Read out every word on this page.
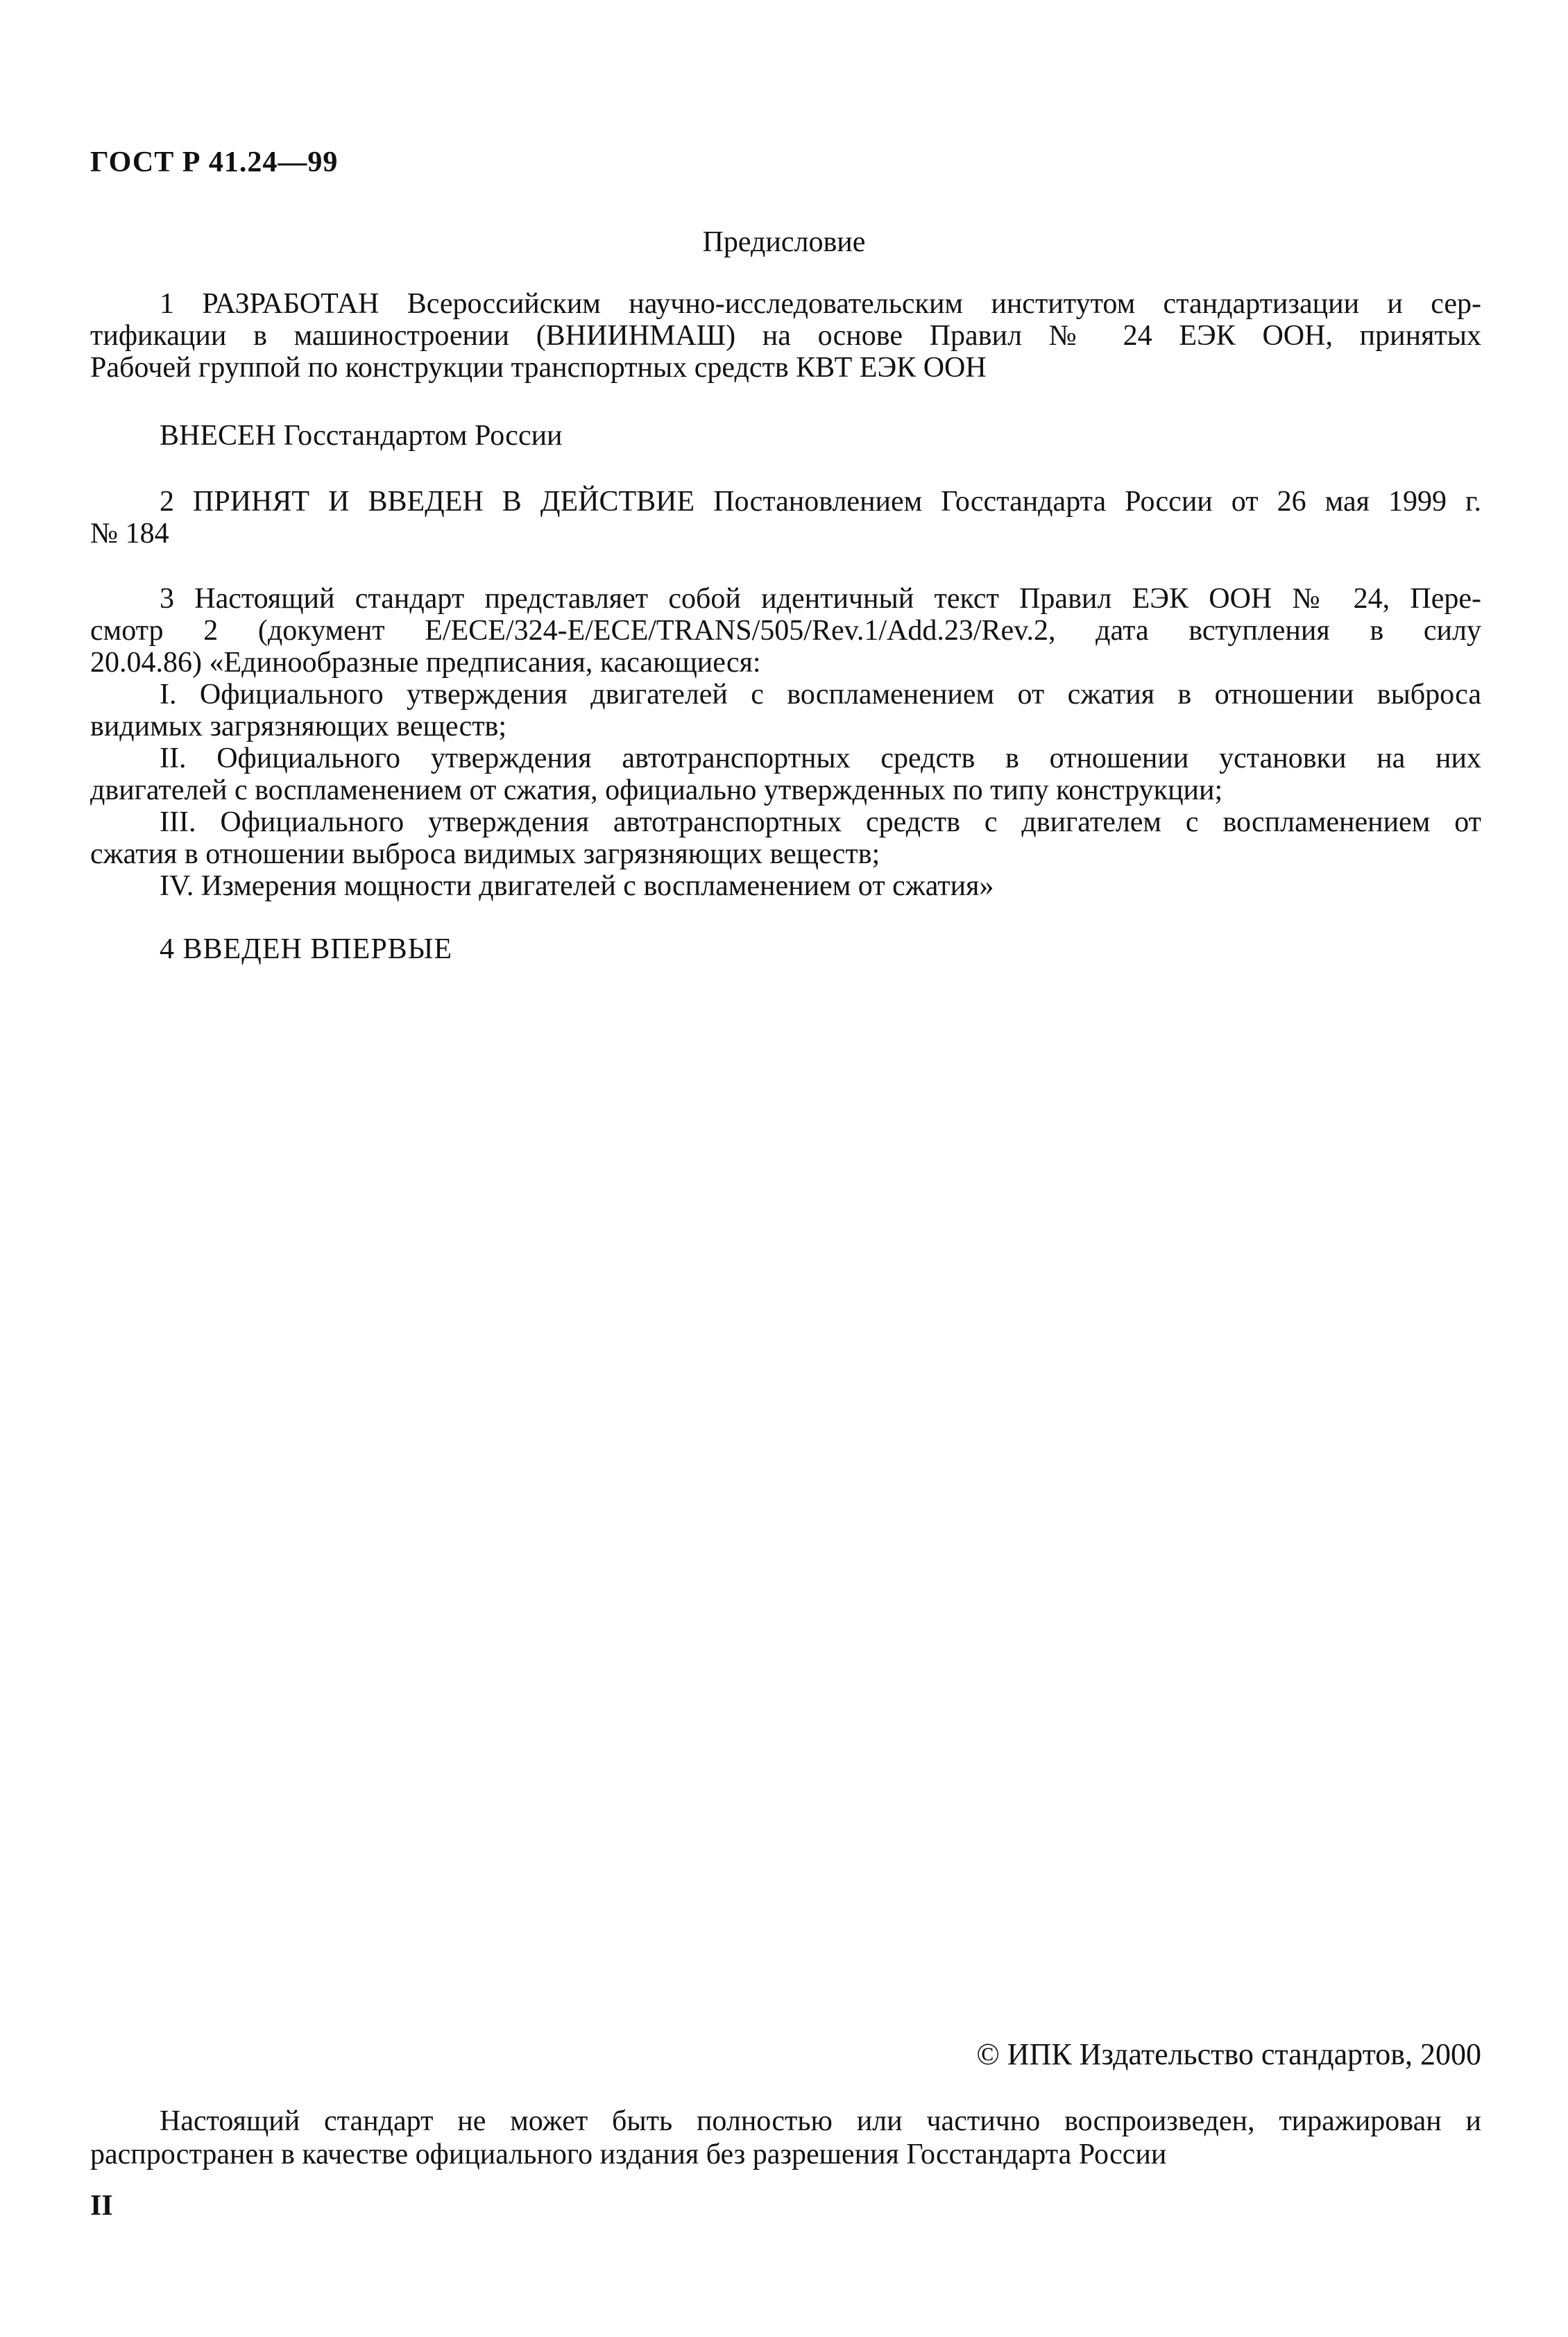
ГОСТ Р 41.24—99
Предисловие
1 РАЗРАБОТАН Всероссийским научно-исследовательским институтом стандартизации и сер-
тификации в машиностроении (ВНИИНМАШ) на основе Правил № 24 ЕЭК ООН, принятых
Рабочей группой по конструкции транспортных средств КВТ ЕЭК ООН
ВНЕСЕН Госстандартом России
2 ПРИНЯТ И ВВЕДЕН В ДЕЙСТВИЕ Постановлением Госстандарта России от 26 мая 1999 г.
№ 184
3 Настоящий стандарт представляет собой идентичный текст Правил ЕЭК ООН № 24, Пере-
смотр 2 (документ E/ECE/324-E/ECE/TRANS/505/Rev.1/Add.23/Rev.2, дата вступления в силу
20.04.86) «Единообразные предписания, касающиеся:
I. Официального утверждения двигателей с воспламенением от сжатия в отношении выброса
видимых загрязняющих веществ;
II. Официального утверждения автотранспортных средств в отношении установки на них
двигателей с воспламенением от сжатия, официально утвержденных по типу конструкции;
III. Официального утверждения автотранспортных средств с двигателем с воспламенением от
сжатия в отношении выброса видимых загрязняющих веществ;
IV. Измерения мощности двигателей с воспламенением от сжатия»
4 ВВЕДЕН ВПЕРВЫЕ
© ИПК Издательство стандартов, 2000
Настоящий стандарт не может быть полностью или частично воспроизведен, тиражирован и
распространен в качестве официального издания без разрешения Госстандарта России
II
